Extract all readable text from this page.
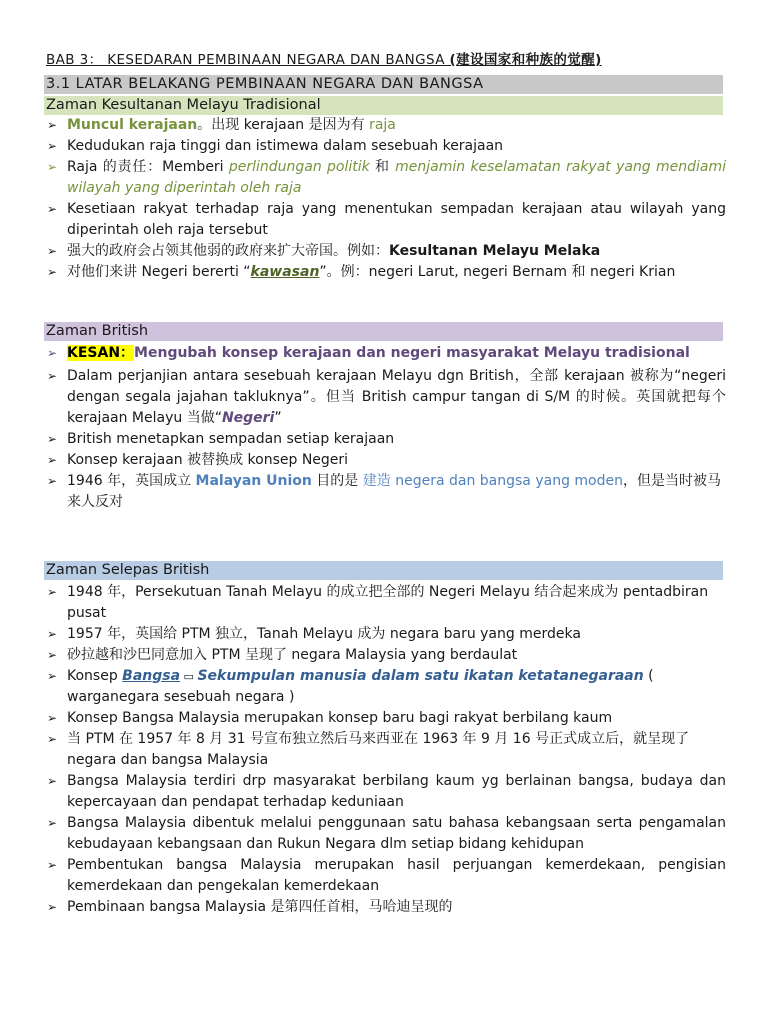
BAB 3： KESEDARAN PEMBINAAN NEGARA DAN BANGSA (建设国家和种族的觉醒)
3.1 LATAR BELAKANG PEMBINAAN NEGARA DAN BANGSA
Zaman Kesultanan Melayu Tradisional
➢ Muncul kerajaan。出现 kerajaan 是因为有 raja
➢ Kedudukan raja tinggi dan istimewa dalam sesebuah kerajaan
➢ Raja 的责任：Memberi perlindungan politik 和 menjamin keselamatan rakyat yang mendiami wilayah yang diperintah oleh raja
➢ Kesetiaan rakyat terhadap raja yang menentukan sempadan kerajaan atau wilayah yang diperintah oleh raja tersebut
➢ 强大的政府会占领其他弱的政府来扩大帝国。例如：Kesultanan Melayu Melaka
➢ 对他们来讲 Negeri bererti “kawasan”。例：negeri Larut, negeri Bernam 和 negeri Krian
Zaman British
➢ KESAN：Mengubah konsep kerajaan dan negeri masyarakat Melayu tradisional
➢ Dalam perjanjian antara sesebuah kerajaan Melayu dgn British，全部 kerajaan 被称为“negeri dengan segala jajahan takluknya”。但当 British campur tangan di S/M 的时候。英国就把每个 kerajaan Melayu 当做“Negeri”
➢ British menetapkan sempadan setiap kerajaan
➢ Konsep kerajaan 被替换成 konsep Negeri
➢ 1946 年，英国成立 Malayan Union 目的是 建造 negera dan bangsa yang moden，但是当时被马来人反对
Zaman Selepas British
➢ 1948 年，Persekutuan Tanah Melayu 的成立把全部的 Negeri Melayu 结合起来成为 pentadbiran pusat
➢ 1957 年，英国给 PTM 独立，Tanah Melayu 成为 negara baru yang merdeka
➢ 砂拉越和沙巴同意加入 PTM 呈现了 negara Malaysia yang berdaulat
➢ Konsep Bangsa ▭ Sekumpulan manusia dalam satu ikatan ketatanegaraan ( warganegara sesebuah negara )
➢ Konsep Bangsa Malaysia merupakan konsep baru bagi rakyat berbilang kaum
➢ 当 PTM 在 1957 年 8 月 31 号宣布独立然后马来西亚在 1963 年 9 月 16 号正式成立后，就呈现了 negara dan bangsa Malaysia
➢ Bangsa Malaysia terdiri drp masyarakat berbilang kaum yg berlainan bangsa, budaya dan kepercayaan dan pendapat terhadap keduniaan
➢ Bangsa Malaysia dibentuk melalui penggunaan satu bahasa kebangsaan serta pengamalan kebudayaan kebangsaan dan Rukun Negara dlm setiap bidang kehidupan
➢ Pembentukan bangsa Malaysia merupakan hasil perjuangan kemerdekaan, pengisian kemerdekaan dan pengekalan kemerdekaan
➢ Pembinaan bangsa Malaysia 是第四任首相，马哈迪呈现的
